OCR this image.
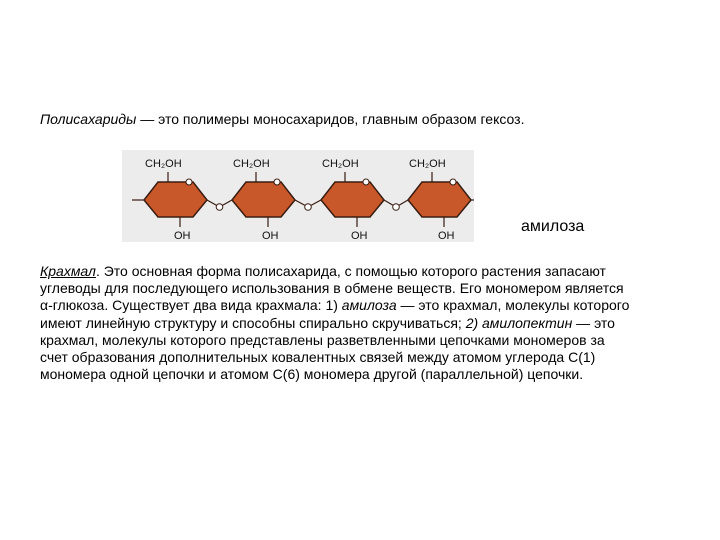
Полисахариды — это полимеры моносахаридов, главным образом гексоз.
CH₂OH
OH
CH₂OH
OH
CH₂OH
OH
CH₂OH
OH
амилоза
Крахмал. Это основная форма полисахарида, с помощью которого растения запасают углеводы для последующего использования в обмене веществ. Его мономером является α-глюкоза. Существует два вида крахмала: 1) амилоза — это крахмал, молекулы которого имеют линейную структуру и способны спирально скручиваться; 2) амилопектин — это крахмал, молекулы которого представлены разветвленными цепочками мономеров за счет образования дополнительных ковалентных связей между атомом углерода С(1) мономера одной цепочки и атомом С(6) мономера другой (параллельной) цепочки.
